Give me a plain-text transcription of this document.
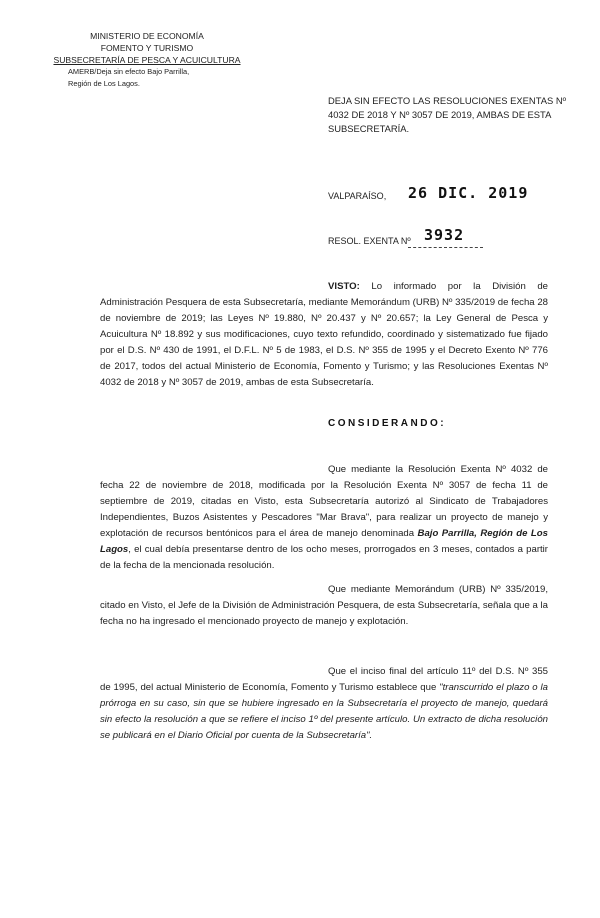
MINISTERIO DE ECONOMÍA
FOMENTO Y TURISMO
SUBSECRETARÍA DE PESCA Y ACUICULTURA
AMERB/Deja sin efecto Bajo Parrilla,
Región de Los Lagos.
DEJA SIN EFECTO LAS RESOLUCIONES EXENTAS Nº 4032 DE 2018 Y Nº 3057 DE 2019, AMBAS DE ESTA SUBSECRETARÍA.
VALPARAÍSO, 26 DIC. 2019
RESOL. EXENTA Nº 3932
VISTO: Lo informado por la División de Administración Pesquera de esta Subsecretaría, mediante Memorándum (URB) Nº 335/2019 de fecha 28 de noviembre de 2019; las Leyes Nº 19.880, Nº 20.437 y Nº 20.657; la Ley General de Pesca y Acuicultura Nº 18.892 y sus modificaciones, cuyo texto refundido, coordinado y sistematizado fue fijado por el D.S. Nº 430 de 1991, el D.F.L. Nº 5 de 1983, el D.S. Nº 355 de 1995 y el Decreto Exento Nº 776 de 2017, todos del actual Ministerio de Economía, Fomento y Turismo; y las Resoluciones Exentas Nº 4032 de 2018 y Nº 3057 de 2019, ambas de esta Subsecretaría.
CONSIDERANDO:
Que mediante la Resolución Exenta Nº 4032 de fecha 22 de noviembre de 2018, modificada por la Resolución Exenta Nº 3057 de fecha 11 de septiembre de 2019, citadas en Visto, esta Subsecretaría autorizó al Sindicato de Trabajadores Independientes, Buzos Asistentes y Pescadores "Mar Brava", para realizar un proyecto de manejo y explotación de recursos bentónicos para el área de manejo denominada Bajo Parrilla, Región de Los Lagos, el cual debía presentarse dentro de los ocho meses, prorrogados en 3 meses, contados a partir de la fecha de la mencionada resolución.
Que mediante Memorándum (URB) Nº 335/2019, citado en Visto, el Jefe de la División de Administración Pesquera, de esta Subsecretaría, señala que a la fecha no ha ingresado el mencionado proyecto de manejo y explotación.
Que el inciso final del artículo 11º del D.S. Nº 355 de 1995, del actual Ministerio de Economía, Fomento y Turismo establece que "transcurrido el plazo o la prórroga en su caso, sin que se hubiere ingresado en la Subsecretaría el proyecto de manejo, quedará sin efecto la resolución a que se refiere el inciso 1º del presente artículo. Un extracto de dicha resolución se publicará en el Diario Oficial por cuenta de la Subsecretaría".
